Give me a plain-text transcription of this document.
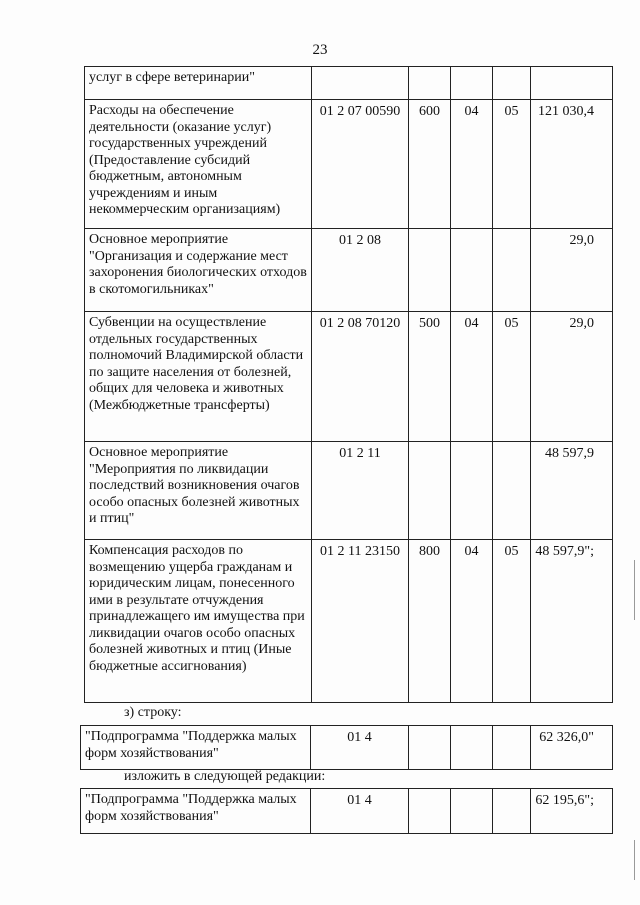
23
услуг в сфере ветеринарии"					
Расходы на обеспечение деятельности (оказание услуг) государственных учреждений (Предоставление субсидий бюджетным, автономным учреждениям и иным некоммерческим организациям)	01 2 07 00590	600	04	05	121 030,4
Основное мероприятие "Организация и содержание мест захоронения биологических отходов в скотомогильниках"	01 2 08				29,0
Субвенции на осуществление отдельных государственных полномочий Владимирской области по защите населения от болезней, общих для человека и животных (Межбюджетные трансферты)	01 2 08 70120	500	04	05	29,0
Основное мероприятие "Мероприятия по ликвидации последствий возникновения очагов особо опасных болезней животных и птиц"	01 2 11				48 597,9
Компенсация расходов по возмещению ущерба гражданам и юридическим лицам, понесенного ими в результате отчуждения принадлежащего им имущества при ликвидации очагов особо опасных болезней животных и птиц (Иные бюджетные ассигнования)	01 2 11 23150	800	04	05	48 597,9";
з) строку:
"Подпрограмма "Поддержка малых форм хозяйствования"	01 4				62 326,0"
изложить в следующей редакции:
"Подпрограмма "Поддержка малых форм хозяйствования"	01 4				62 195,6";
